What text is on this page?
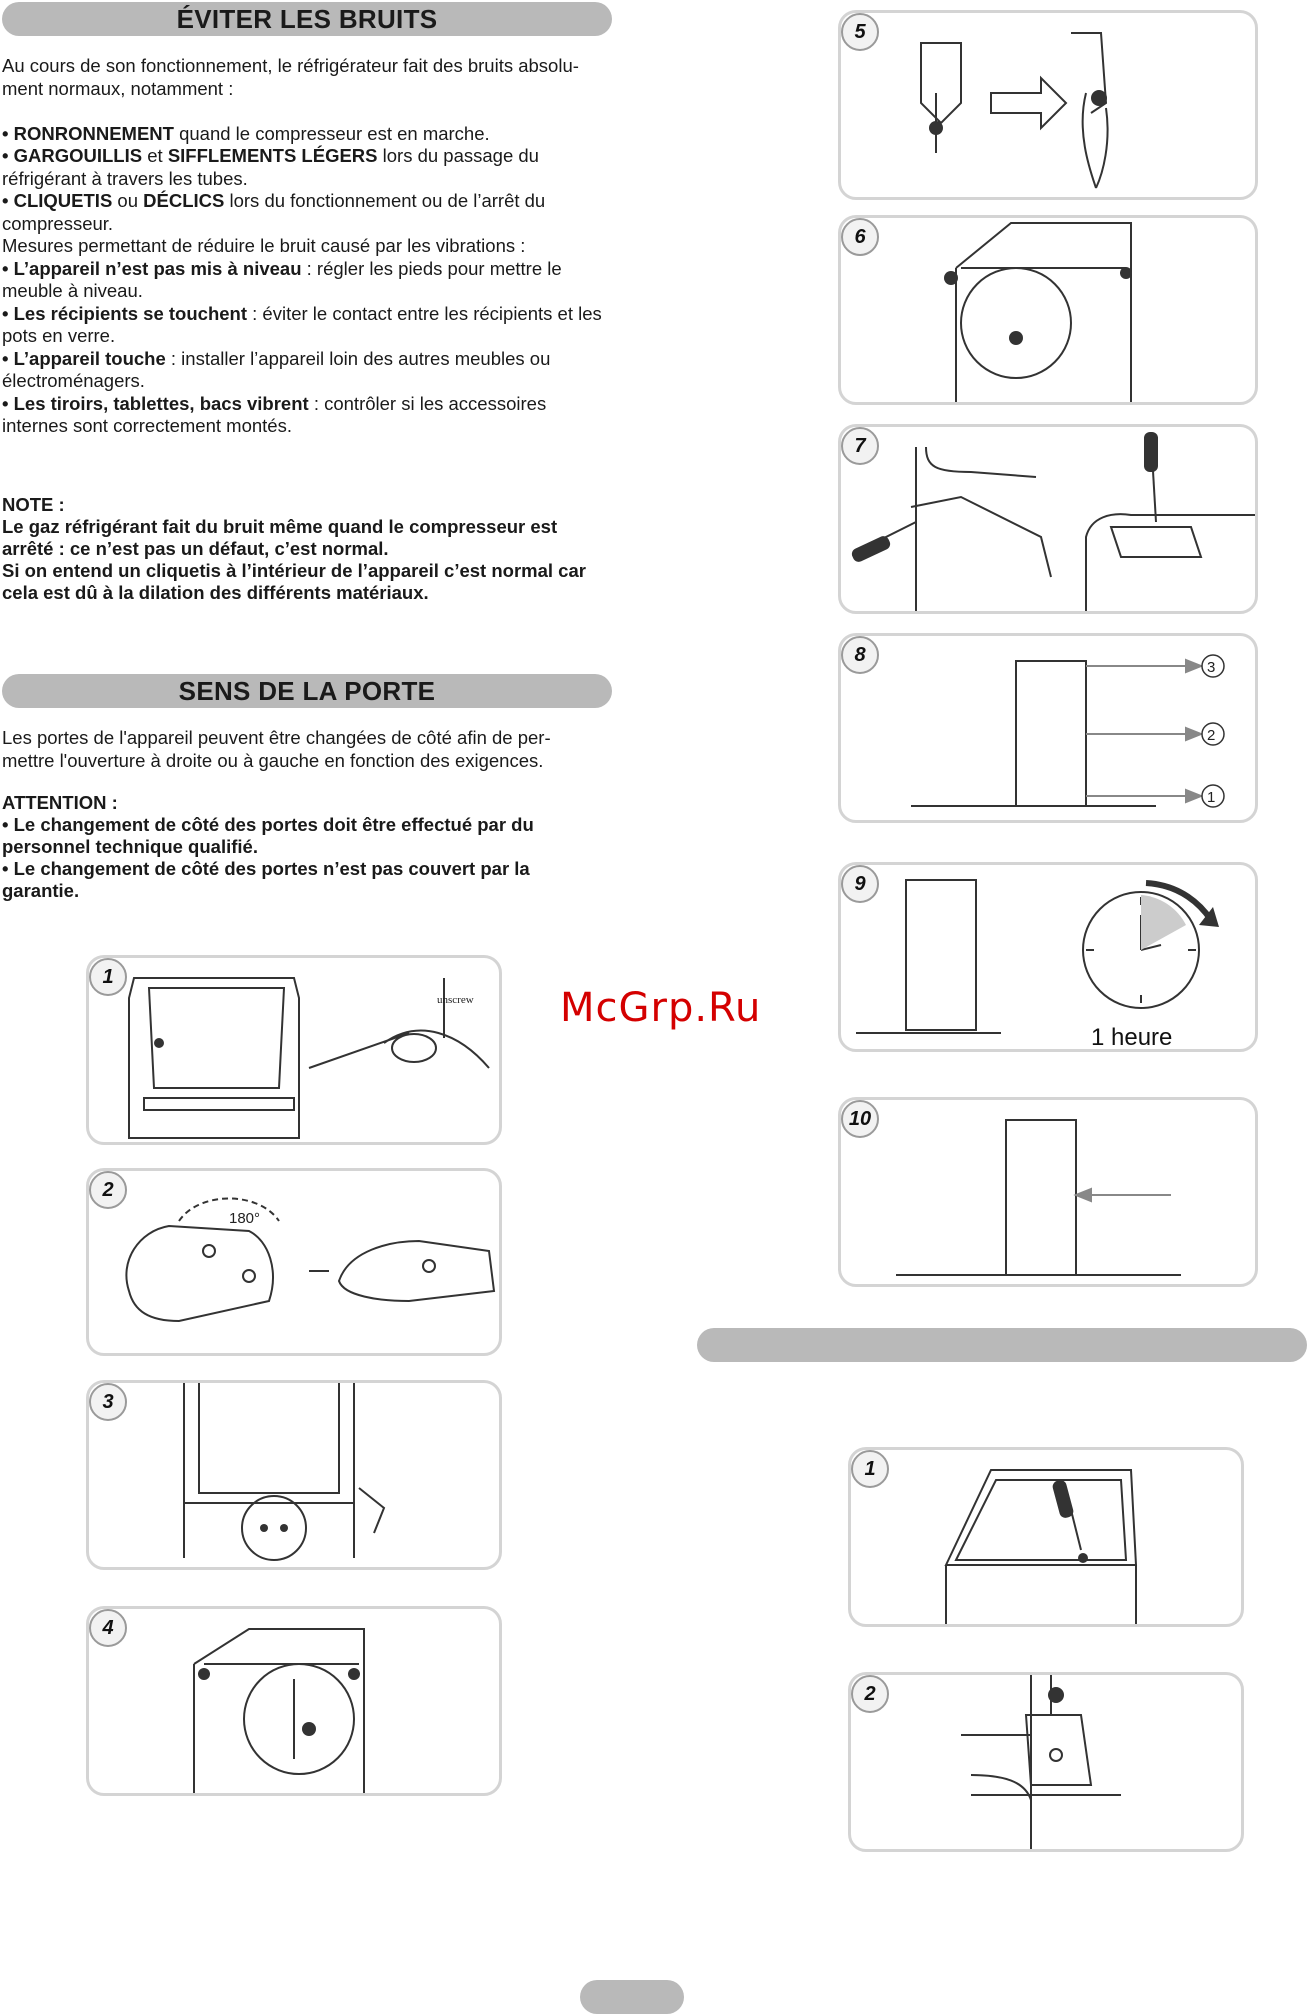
ÉVITER LES BRUITS

Au cours de son fonctionnement, le réfrigérateur fait des bruits absolu-ment normaux, notamment :

• RONRONNEMENT quand le compresseur est en marche.

• GARGOUILLIS et SIFFLEMENTS LÉGERS lors du passage du réfrigérant à travers les tubes.

• CLIQUETIS ou DÉCLICS lors du fonctionnement ou de l’arrêt du compresseur.

Mesures permettant de réduire le bruit causé par les vibrations :

• L’appareil n’est pas mis à niveau : régler les pieds pour mettre le meuble à niveau.

• Les récipients se touchent : éviter le contact entre les récipients et les pots en verre.

• L’appareil touche : installer l’appareil loin des autres meubles ou électroménagers.

• Les tiroirs, tablettes, bacs vibrent : contrôler si les accessoires internes sont correctement montés.

NOTE :

Le gaz réfrigérant fait du bruit même quand le compresseur est arrêté : ce n’est pas un défaut, c’est normal.

Si on entend un cliquetis à l’intérieur de l’appareil c’est normal car cela est dû à la dilation des différents matériaux.

SENS DE LA PORTE

Les portes de l'appareil peuvent être changées de côté afin de per-mettre l'ouverture à droite ou à gauche en fonction des exigences.

ATTENTION :

• Le changement de côté des portes doit être effectué par du personnel technique qualifié.

• Le changement de côté des portes n’est pas couvert par la garantie.

unscrew
1
180°
2
3
4
5
6
7
3
2
1
8
1 heure
9
10
1
2
McGrp.Ru
